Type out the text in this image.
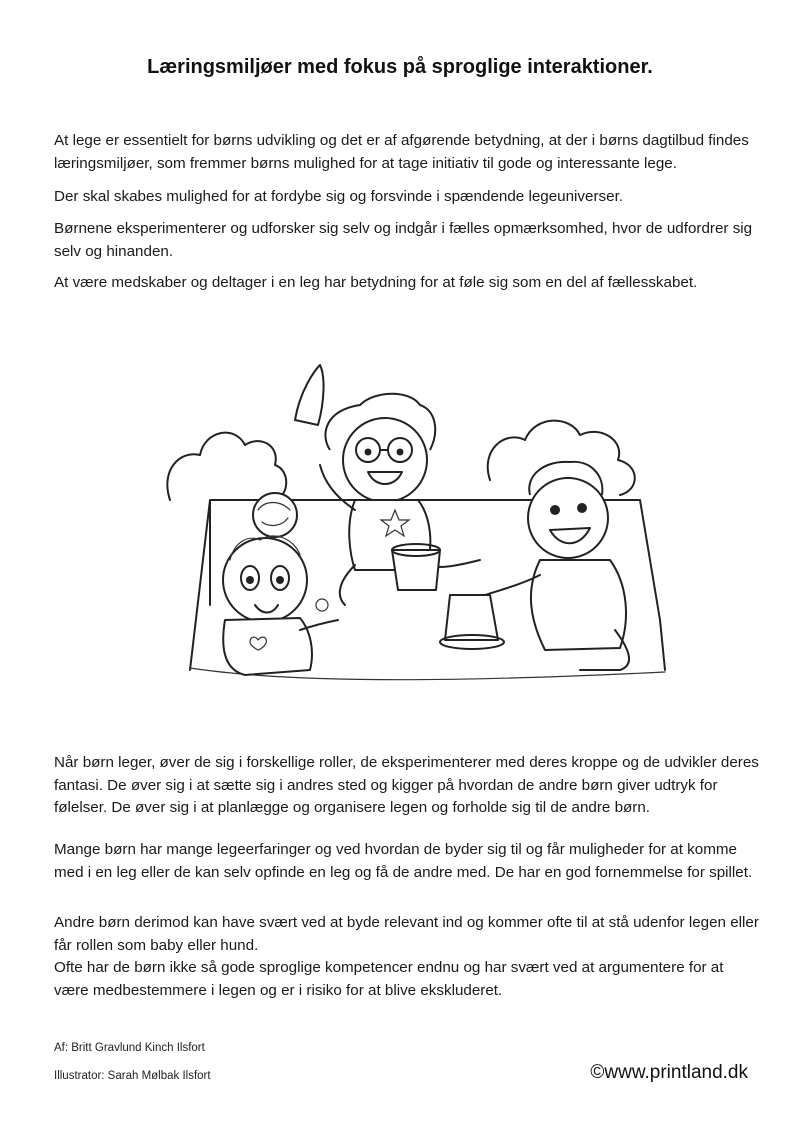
Læringsmiljøer med fokus på sproglige interaktioner.

At lege er essentielt for børns udvikling og det er af afgørende betydning, at der i børns dagtilbud findes læringsmiljøer, som fremmer børns mulighed for at tage initiativ til gode og interessante lege.

Der skal skabes mulighed for at fordybe sig og forsvinde i spændende legeuniverser.

Børnene eksperimenterer og udforsker sig selv og indgår i fælles opmærksomhed, hvor de udfordrer sig selv og hinanden.

At være medskaber og deltager i en leg har betydning for at føle sig som en del af fællesskabet.

Når børn leger, øver de sig i forskellige roller, de eksperimenterer med deres kroppe og de udvikler deres fantasi. De øver sig i at sætte sig i andres sted og kigger på hvordan de andre børn giver udtryk for følelser. De øver sig i at planlægge og organisere legen og forholde sig til de andre børn.

Mange børn har mange legeerfaringer og ved hvordan de byder sig til og får muligheder for at komme med i en leg eller de kan selv opfinde en leg og få de andre med. De har en god fornemmelse for spillet.

Andre børn derimod kan have svært ved at byde relevant ind og kommer ofte til at stå udenfor legen eller får rollen som baby eller hund.

Ofte har de børn ikke så gode sproglige kompetencer endnu og har svært ved at argumentere for at være medbestemmere i legen og er i risiko for at blive ekskluderet.

Af: Britt Gravlund Kinch Ilsfort
Illustrator: Sarah Mølbak Ilsfort	©www.printland.dk
